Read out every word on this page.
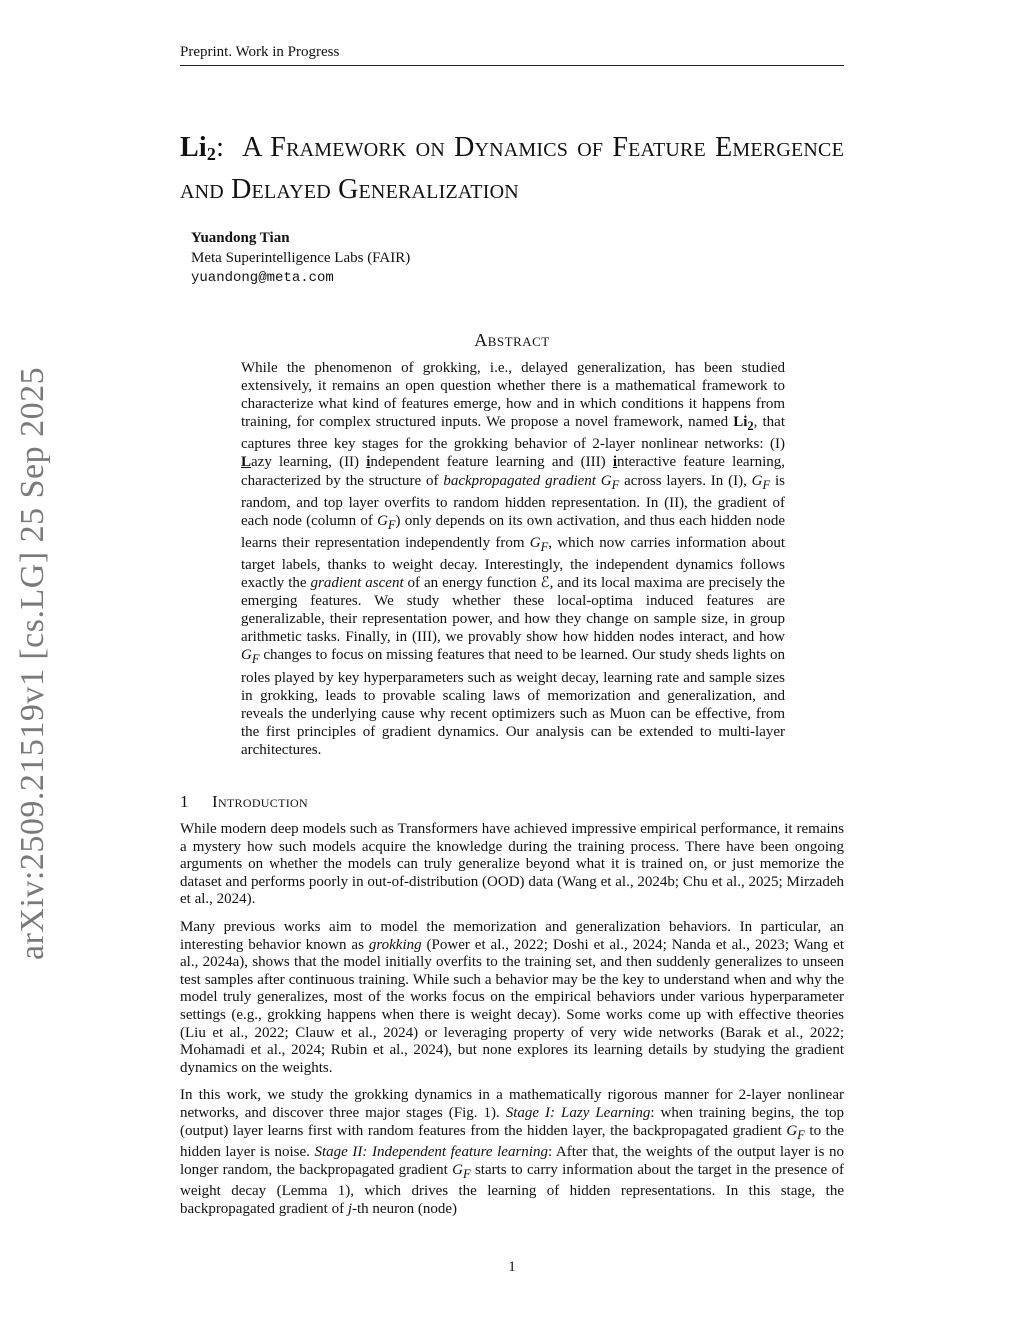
Preprint. Work in Progress
arXiv:2509.21519v1 [cs.LG] 25 Sep 2025
$Li_2$: A Framework on Dynamics of Feature Emergence and Delayed Generalization
Yuandong Tian
Meta Superintelligence Labs (FAIR)
yuandong@meta.com
Abstract
While the phenomenon of grokking, i.e., delayed generalization, has been studied extensively, it remains an open question whether there is a mathematical framework to characterize what kind of features emerge, how and in which conditions it happens from training, for complex structured inputs. We propose a novel framework, named $Li_2$, that captures three key stages for the grokking behavior of 2-layer nonlinear networks: (I) Lazy learning, (II) independent feature learning and (III) interactive feature learning, characterized by the structure of backpropagated gradient $G_F$ across layers. In (I), $G_F$ is random, and top layer overfits to random hidden representation. In (II), the gradient of each node (column of $G_F$) only depends on its own activation, and thus each hidden node learns their representation independently from $G_F$, which now carries information about target labels, thanks to weight decay. Interestingly, the independent dynamics follows exactly the gradient ascent of an energy function ℰ, and its local maxima are precisely the emerging features. We study whether these local-optima induced features are generalizable, their representation power, and how they change on sample size, in group arithmetic tasks. Finally, in (III), we provably show how hidden nodes interact, and how $G_F$ changes to focus on missing features that need to be learned. Our study sheds lights on roles played by key hyperparameters such as weight decay, learning rate and sample sizes in grokking, leads to provable scaling laws of memorization and generalization, and reveals the underlying cause why recent optimizers such as Muon can be effective, from the first principles of gradient dynamics. Our analysis can be extended to multi-layer architectures.
1 Introduction

While modern deep models such as Transformers have achieved impressive empirical performance, it remains a mystery how such models acquire the knowledge during the training process. There have been ongoing arguments on whether the models can truly generalize beyond what it is trained on, or just memorize the dataset and performs poorly in out-of-distribution (OOD) data (Wang et al., 2024b; Chu et al., 2025; Mirzadeh et al., 2024).

Many previous works aim to model the memorization and generalization behaviors. In particular, an interesting behavior known as grokking (Power et al., 2022; Doshi et al., 2024; Nanda et al., 2023; Wang et al., 2024a), shows that the model initially overfits to the training set, and then suddenly generalizes to unseen test samples after continuous training. While such a behavior may be the key to understand when and why the model truly generalizes, most of the works focus on the empirical behaviors under various hyperparameter settings (e.g., grokking happens when there is weight decay). Some works come up with effective theories (Liu et al., 2022; Clauw et al., 2024) or leveraging property of very wide networks (Barak et al., 2022; Mohamadi et al., 2024; Rubin et al., 2024), but none explores its learning details by studying the gradient dynamics on the weights.

In this work, we study the grokking dynamics in a mathematically rigorous manner for 2-layer nonlinear networks, and discover three major stages (Fig. 1). Stage I: Lazy Learning: when training begins, the top (output) layer learns first with random features from the hidden layer, the backpropagated gradient $G_F$ to the hidden layer is noise. Stage II: Independent feature learning: After that, the weights of the output layer is no longer random, the backpropagated gradient $G_F$ starts to carry information about the target in the presence of weight decay (Lemma 1), which drives the learning of hidden representations. In this stage, the backpropagated gradient of j-th neuron (node)

1
